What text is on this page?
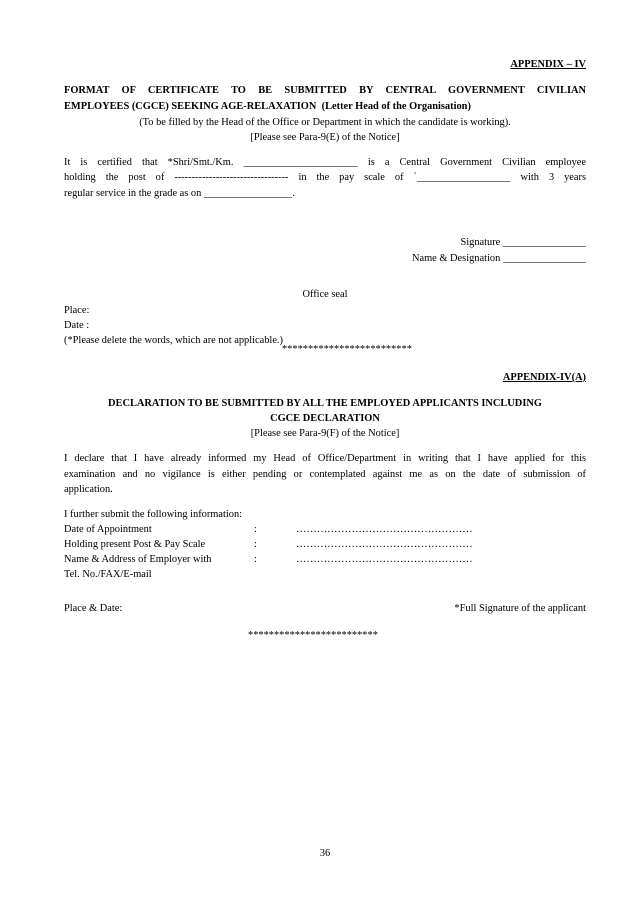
APPENDIX – IV
FORMAT OF CERTIFICATE TO BE SUBMITTED BY CENTRAL GOVERNMENT CIVILIAN
EMPLOYEES (CGCE) SEEKING AGE-RELAXATION (Letter Head of the Organisation)
(To be filled by the Head of the Office or Department in which the candidate is working).
[Please see Para-9(E) of the Notice]
It is certified that *Shri/Smt./Km. ______________________ is a Central Government Civilian employee
holding the post of --------------------------------- in the pay scale of `__________________ with 3 years
regular service in the grade as on _________________.
Signature ________________
Name & Designation ________________
Office seal
Place:
Date :
(*Please delete the words, which are not applicable.)
*************************
APPENDIX-IV(A)
DECLARATION TO BE SUBMITTED BY ALL THE EMPLOYED APPLICANTS INCLUDING
CGCE DECLARATION
[Please see Para-9(F) of the Notice]
I declare that I have already informed my Head of Office/Department in writing that I have applied for this
examination and no vigilance is either pending or contemplated against me as on the date of submission of
application.
I further submit the following information:
Date of Appointment	:	……………………………………………
Holding present Post & Pay Scale	:	……………………………………………
Name & Address of Employer with	:	……………………………………………
Tel. No./FAX/E-mail
Place & Date:	*Full Signature of the applicant
*************************
36
